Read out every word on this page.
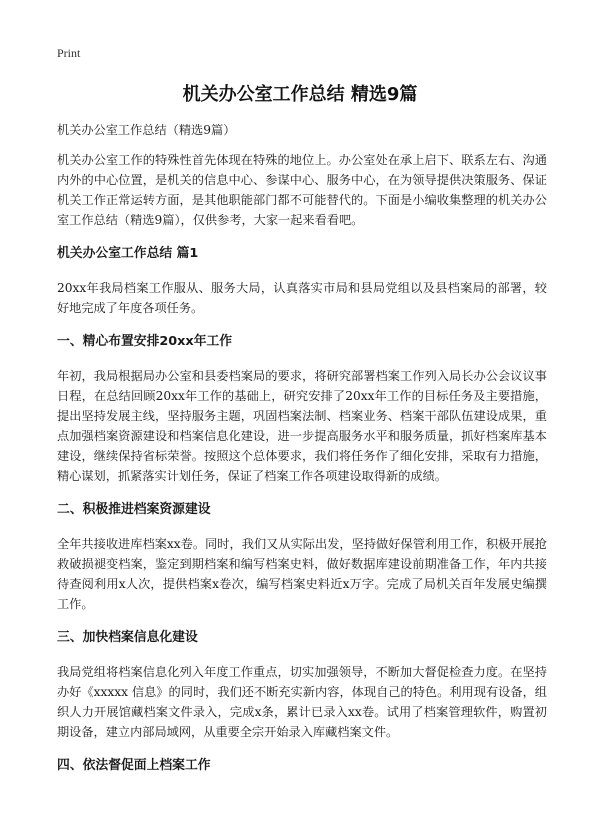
Print
机关办公室工作总结 精选9篇

机关办公室工作总结（精选9篇）

机关办公室工作的特殊性首先体现在特殊的地位上。办公室处在承上启下、联系左右、沟通内外的中心位置，是机关的信息中心、参谋中心、服务中心，在为领导提供决策服务、保证机关工作正常运转方面，是其他职能部门都不可能替代的。下面是小编收集整理的机关办公室工作总结（精选9篇），仅供参考，大家一起来看看吧。

机关办公室工作总结 篇1

20xx年我局档案工作服从、服务大局，认真落实市局和县局党组以及县档案局的部署，较好地完成了年度各项任务。

一、精心布置安排20xx年工作

年初，我局根据局办公室和县委档案局的要求，将研究部署档案工作列入局长办公会议议事日程，在总结回顾20xx年工作的基础上，研究安排了20xx年工作的目标任务及主要措施，提出坚持发展主线，坚持服务主题，巩固档案法制、档案业务、档案干部队伍建设成果，重点加强档案资源建设和档案信息化建设，进一步提高服务水平和服务质量，抓好档案库基本建设，继续保持省标荣誉。按照这个总体要求，我们将任务作了细化安排，采取有力措施，精心谋划，抓紧落实计划任务，保证了档案工作各项建设取得新的成绩。

二、积极推进档案资源建设

全年共接收进库档案xx卷。同时，我们又从实际出发，坚持做好保管利用工作，积极开展抢救破损褪变档案，鉴定到期档案和编写档案史料，做好数据库建设前期准备工作，年内共接待查阅利用x人次，提供档案x卷次，编写档案史料近x万字。完成了局机关百年发展史编撰工作。

三、加快档案信息化建设

我局党组将档案信息化列入年度工作重点，切实加强领导，不断加大督促检查力度。在坚持办好《xxxxx 信息》的同时，我们还不断充实新内容，体现自己的特色。利用现有设备，组织人力开展馆藏档案文件录入，完成x条，累计已录入xx卷。试用了档案管理软件，购置初期设备，建立内部局域网，从重要全宗开始录入库藏档案文件。

四、依法督促面上档案工作
